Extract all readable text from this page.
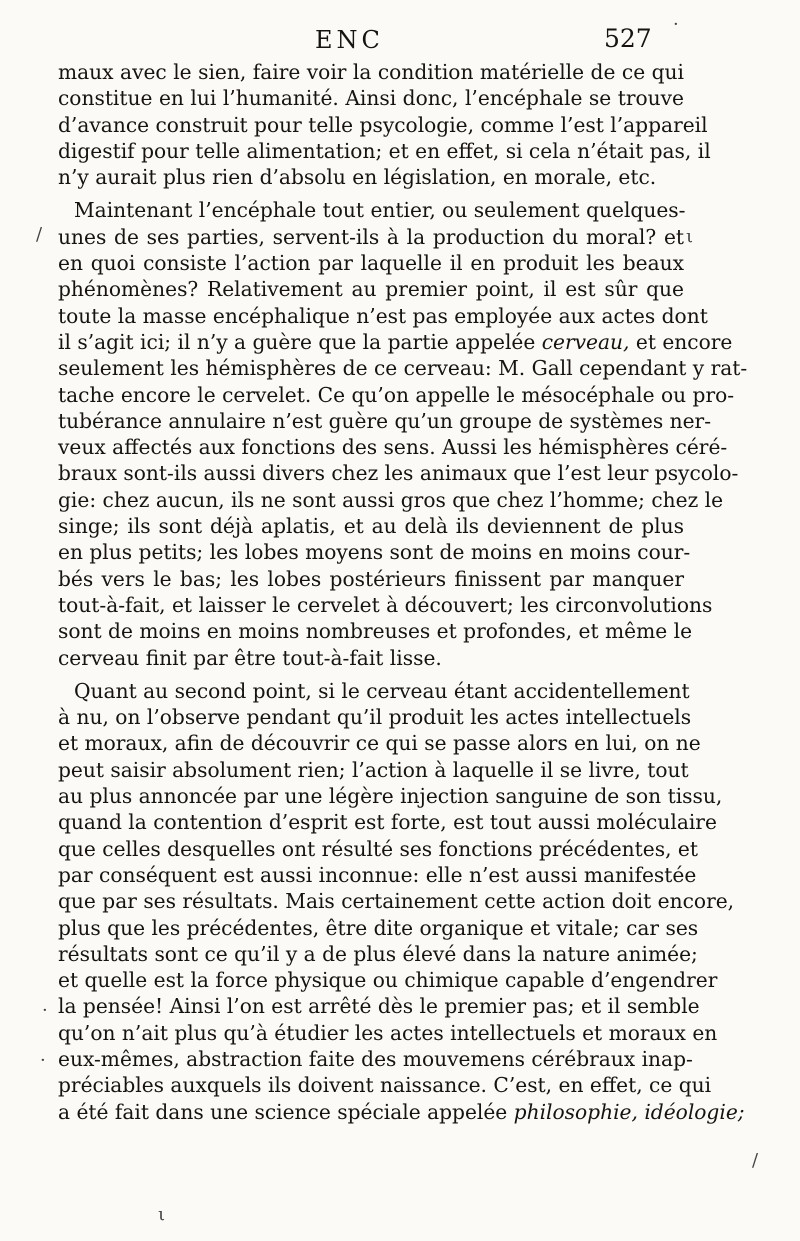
ENC	527 ·
/	ι
·
·
/
ι
maux avec le sien, faire voir la condition matérielle de ce qui
constitue en lui l’humanité. Ainsi donc, l’encéphale se trouve
d’avance construit pour telle psycologie, comme l’est l’appareil
digestif pour telle alimentation; et en effet, si cela n’était pas, il
n’y aurait plus rien d’absolu en législation, en morale, etc.
Maintenant l’encéphale tout entier, ou seulement quelques-
unes de ses parties, servent-ils à la production du moral? et
en quoi consiste l’action par laquelle il en produit les beaux
phénomènes? Relativement au premier point, il est sûr que
toute la masse encéphalique n’est pas employée aux actes dont
il s’agit ici; il n’y a guère que la partie appelée cerveau, et encore
seulement les hémisphères de ce cerveau: M. Gall cependant y rat-
tache encore le cervelet. Ce qu’on appelle le mésocéphale ou pro-
tubérance annulaire n’est guère qu’un groupe de systèmes ner-
veux affectés aux fonctions des sens. Aussi les hémisphères céré-
braux sont-ils aussi divers chez les animaux que l’est leur psycolo-
gie: chez aucun, ils ne sont aussi gros que chez l’homme; chez le
singe; ils sont déjà aplatis, et au delà ils deviennent de plus
en plus petits; les lobes moyens sont de moins en moins cour-
bés vers le bas; les lobes postérieurs finissent par manquer
tout-à-fait, et laisser le cervelet à découvert; les circonvolutions
sont de moins en moins nombreuses et profondes, et même le
cerveau finit par être tout-à-fait lisse.
Quant au second point, si le cerveau étant accidentellement
à nu, on l’observe pendant qu’il produit les actes intellectuels
et moraux, afin de découvrir ce qui se passe alors en lui, on ne
peut saisir absolument rien; l’action à laquelle il se livre, tout
au plus annoncée par une légère injection sanguine de son tissu,
quand la contention d’esprit est forte, est tout aussi moléculaire
que celles desquelles ont résulté ses fonctions précédentes, et
par conséquent est aussi inconnue: elle n’est aussi manifestée
que par ses résultats. Mais certainement cette action doit encore,
plus que les précédentes, être dite organique et vitale; car ses
résultats sont ce qu’il y a de plus élevé dans la nature animée;
et quelle est la force physique ou chimique capable d’engendrer
la pensée! Ainsi l’on est arrêté dès le premier pas; et il semble
qu’on n’ait plus qu’à étudier les actes intellectuels et moraux en
eux-mêmes, abstraction faite des mouvemens cérébraux inap-
préciables auxquels ils doivent naissance. C’est, en effet, ce qui
a été fait dans une science spéciale appelée philosophie, idéologie;
